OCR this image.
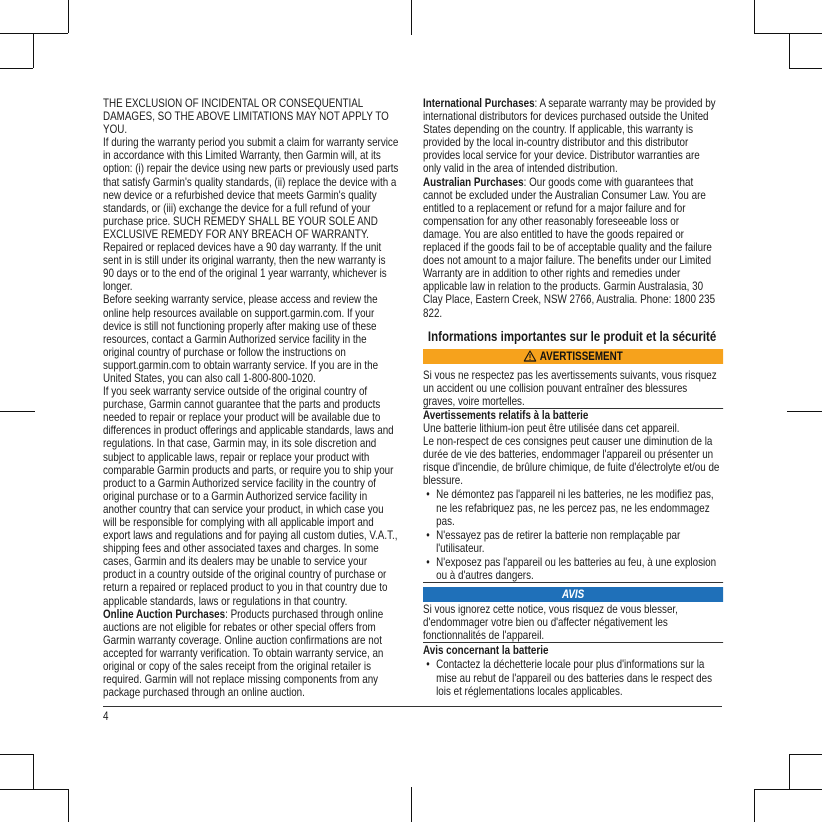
THE EXCLUSION OF INCIDENTAL OR CONSEQUENTIAL
DAMAGES, SO THE ABOVE LIMITATIONS MAY NOT APPLY TO
YOU.
If during the warranty period you submit a claim for warranty service
in accordance with this Limited Warranty, then Garmin will, at its
option: (i) repair the device using new parts or previously used parts
that satisfy Garmin's quality standards, (ii) replace the device with a
new device or a refurbished device that meets Garmin's quality
standards, or (iii) exchange the device for a full refund of your
purchase price. SUCH REMEDY SHALL BE YOUR SOLE AND
EXCLUSIVE REMEDY FOR ANY BREACH OF WARRANTY.
Repaired or replaced devices have a 90 day warranty. If the unit
sent in is still under its original warranty, then the new warranty is
90 days or to the end of the original 1 year warranty, whichever is
longer.
Before seeking warranty service, please access and review the
online help resources available on support.garmin.com. If your
device is still not functioning properly after making use of these
resources, contact a Garmin Authorized service facility in the
original country of purchase or follow the instructions on
support.garmin.com to obtain warranty service. If you are in the
United States, you can also call 1-800-800-1020.
If you seek warranty service outside of the original country of
purchase, Garmin cannot guarantee that the parts and products
needed to repair or replace your product will be available due to
differences in product offerings and applicable standards, laws and
regulations. In that case, Garmin may, in its sole discretion and
subject to applicable laws, repair or replace your product with
comparable Garmin products and parts, or require you to ship your
product to a Garmin Authorized service facility in the country of
original purchase or to a Garmin Authorized service facility in
another country that can service your product, in which case you
will be responsible for complying with all applicable import and
export laws and regulations and for paying all custom duties, V.A.T.,
shipping fees and other associated taxes and charges. In some
cases, Garmin and its dealers may be unable to service your
product in a country outside of the original country of purchase or
return a repaired or replaced product to you in that country due to
applicable standards, laws or regulations in that country.
Online Auction Purchases: Products purchased through online
auctions are not eligible for rebates or other special offers from
Garmin warranty coverage. Online auction confirmations are not
accepted for warranty verification. To obtain warranty service, an
original or copy of the sales receipt from the original retailer is
required. Garmin will not replace missing components from any
package purchased through an online auction.
International Purchases: A separate warranty may be provided by
international distributors for devices purchased outside the United
States depending on the country. If applicable, this warranty is
provided by the local in-country distributor and this distributor
provides local service for your device. Distributor warranties are
only valid in the area of intended distribution.
Australian Purchases: Our goods come with guarantees that
cannot be excluded under the Australian Consumer Law. You are
entitled to a replacement or refund for a major failure and for
compensation for any other reasonably foreseeable loss or
damage. You are also entitled to have the goods repaired or
replaced if the goods fail to be of acceptable quality and the failure
does not amount to a major failure. The benefits under our Limited
Warranty are in addition to other rights and remedies under
applicable law in relation to the products. Garmin Australasia, 30
Clay Place, Eastern Creek, NSW 2766, Australia. Phone: 1800 235
822.
Informations importantes sur le produit et la sécurité
AVERTISSEMENT
Si vous ne respectez pas les avertissements suivants, vous risquez
un accident ou une collision pouvant entraîner des blessures
graves, voire mortelles.
Avertissements relatifs à la batterie
Une batterie lithium-ion peut être utilisée dans cet appareil.
Le non-respect de ces consignes peut causer une diminution de la
durée de vie des batteries, endommager l'appareil ou présenter un
risque d'incendie, de brûlure chimique, de fuite d'électrolyte et/ou de
blessure.
• Ne démontez pas l'appareil ni les batteries, ne les modifiez pas,
ne les refabriquez pas, ne les percez pas, ne les endommagez
pas.
• N'essayez pas de retirer la batterie non remplaçable par
l'utilisateur.
• N'exposez pas l'appareil ou les batteries au feu, à une explosion
ou à d'autres dangers.
AVIS
Si vous ignorez cette notice, vous risquez de vous blesser,
d'endommager votre bien ou d'affecter négativement les
fonctionnalités de l'appareil.
Avis concernant la batterie
• Contactez la déchetterie locale pour plus d'informations sur la
mise au rebut de l'appareil ou des batteries dans le respect des
lois et réglementations locales applicables.
4
